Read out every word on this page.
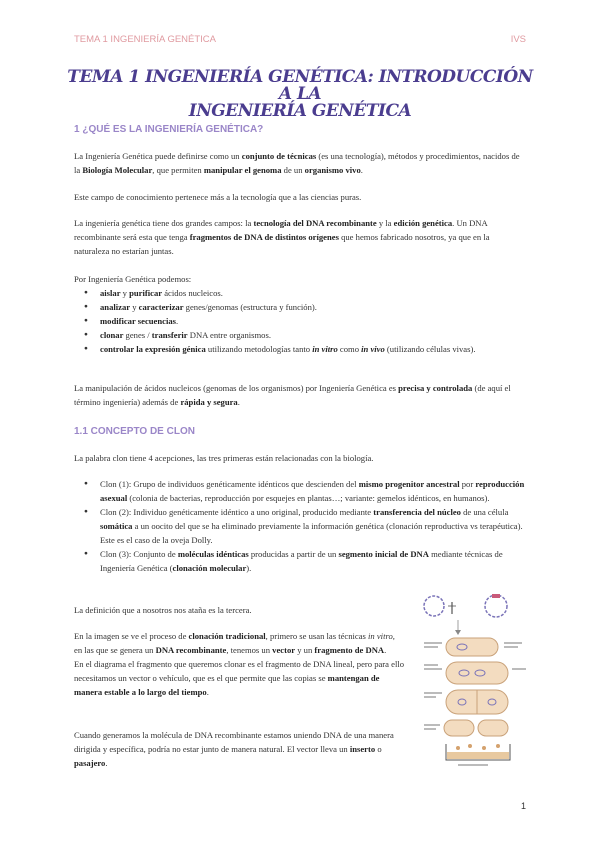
TEMA 1 INGENIERÍA GENÉTICA	IVS
TEMA 1 INGENIERÍA GENÉTICA: INTRODUCCIÓN A LA
INGENIERÍA GENÉTICA
1 ¿QUÉ ES LA INGENIERÍA GENÉTICA?
La Ingeniería Genética puede definirse como un conjunto de técnicas (es una tecnología), métodos y procedimientos, nacidos de la Biología Molecular, que permiten manipular el genoma de un organismo vivo.
Este campo de conocimiento pertenece más a la tecnología que a las ciencias puras.
La ingeniería genética tiene dos grandes campos: la tecnología del DNA recombinante y la edición genética. Un DNA recombinante será esta que tenga fragmentos de DNA de distintos orígenes que hemos fabricado nosotros, ya que en la naturaleza no estarían juntas.
Por Ingeniería Genética podemos:
● aislar y purificar ácidos nucleicos.
● analizar y caracterizar genes/genomas (estructura y función).
● modificar secuencias.
● clonar genes / transferir DNA entre organismos.
● controlar la expresión génica utilizando metodologías tanto in vitro como in vivo (utilizando células vivas).
La manipulación de ácidos nucleicos (genomas de los organismos) por Ingeniería Genética es precisa y controlada (de aquí el término ingeniería) además de rápida y segura.
1.1 CONCEPTO DE CLON
La palabra clon tiene 4 acepciones, las tres primeras están relacionadas con la biología.
● Clon (1): Grupo de individuos genéticamente idénticos que descienden del mismo progenitor ancestral por reproducción asexual (colonia de bacterias, reproducción por esquejes en plantas…; variante: gemelos idénticos, en humanos).
● Clon (2): Individuo genéticamente idéntico a uno original, producido mediante transferencia del núcleo de una célula somática a un oocito del que se ha eliminado previamente la información genética (clonación reproductiva vs terapéutica). Este es el caso de la oveja Dolly.
● Clon (3): Conjunto de moléculas idénticas producidas a partir de un segmento inicial de DNA mediante técnicas de Ingeniería Genética (clonación molecular).
La definición que a nosotros nos ataña es la tercera.
En la imagen se ve el proceso de clonación tradicional, primero se usan las técnicas in vitro, en las que se genera un DNA recombinante, tenemos un vector y un fragmento de DNA.
En el diagrama el fragmento que queremos clonar es el fragmento de DNA lineal, pero para ello necesitamos un vector o vehículo, que es el que permite que las copias se mantengan de manera estable a lo largo del tiempo.
Cuando generamos la molécula de DNA recombinante estamos uniendo DNA de una manera dirigida y específica, podría no estar junto de manera natural. El vector lleva un inserto o pasajero.
1
